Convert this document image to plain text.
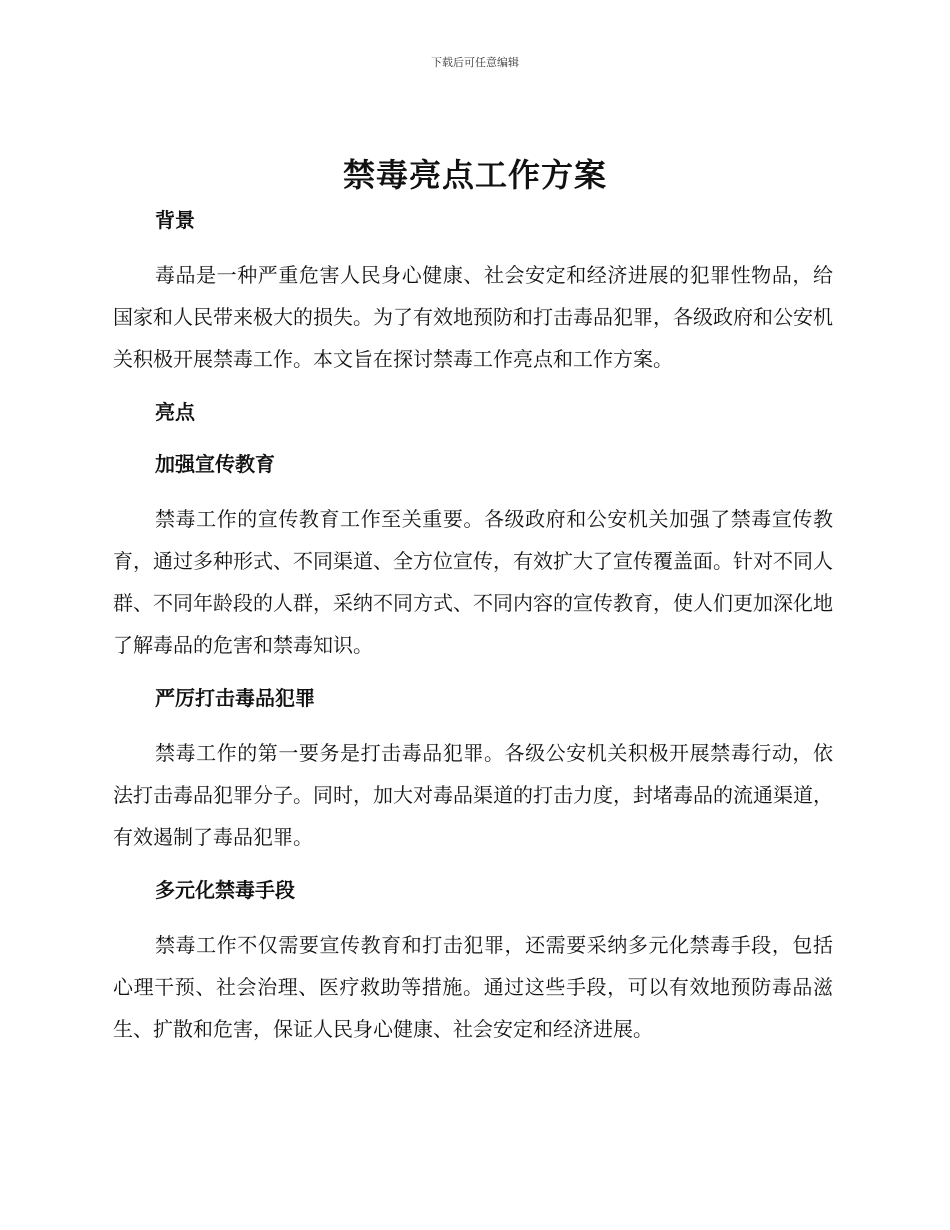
下载后可任意编辑
禁毒亮点工作方案
背景

毒品是一种严重危害人民身心健康、社会安定和经济进展的犯罪性物品，给国家和人民带来极大的损失。为了有效地预防和打击毒品犯罪，各级政府和公安机关积极开展禁毒工作。本文旨在探讨禁毒工作亮点和工作方案。

亮点
加强宣传教育

禁毒工作的宣传教育工作至关重要。各级政府和公安机关加强了禁毒宣传教育，通过多种形式、不同渠道、全方位宣传，有效扩大了宣传覆盖面。针对不同人群、不同年龄段的人群，采纳不同方式、不同内容的宣传教育，使人们更加深化地了解毒品的危害和禁毒知识。

严厉打击毒品犯罪

禁毒工作的第一要务是打击毒品犯罪。各级公安机关积极开展禁毒行动，依法打击毒品犯罪分子。同时，加大对毒品渠道的打击力度，封堵毒品的流通渠道，有效遏制了毒品犯罪。

多元化禁毒手段

禁毒工作不仅需要宣传教育和打击犯罪，还需要采纳多元化禁毒手段，包括心理干预、社会治理、医疗救助等措施。通过这些手段，可以有效地预防毒品滋生、扩散和危害，保证人民身心健康、社会安定和经济进展。
